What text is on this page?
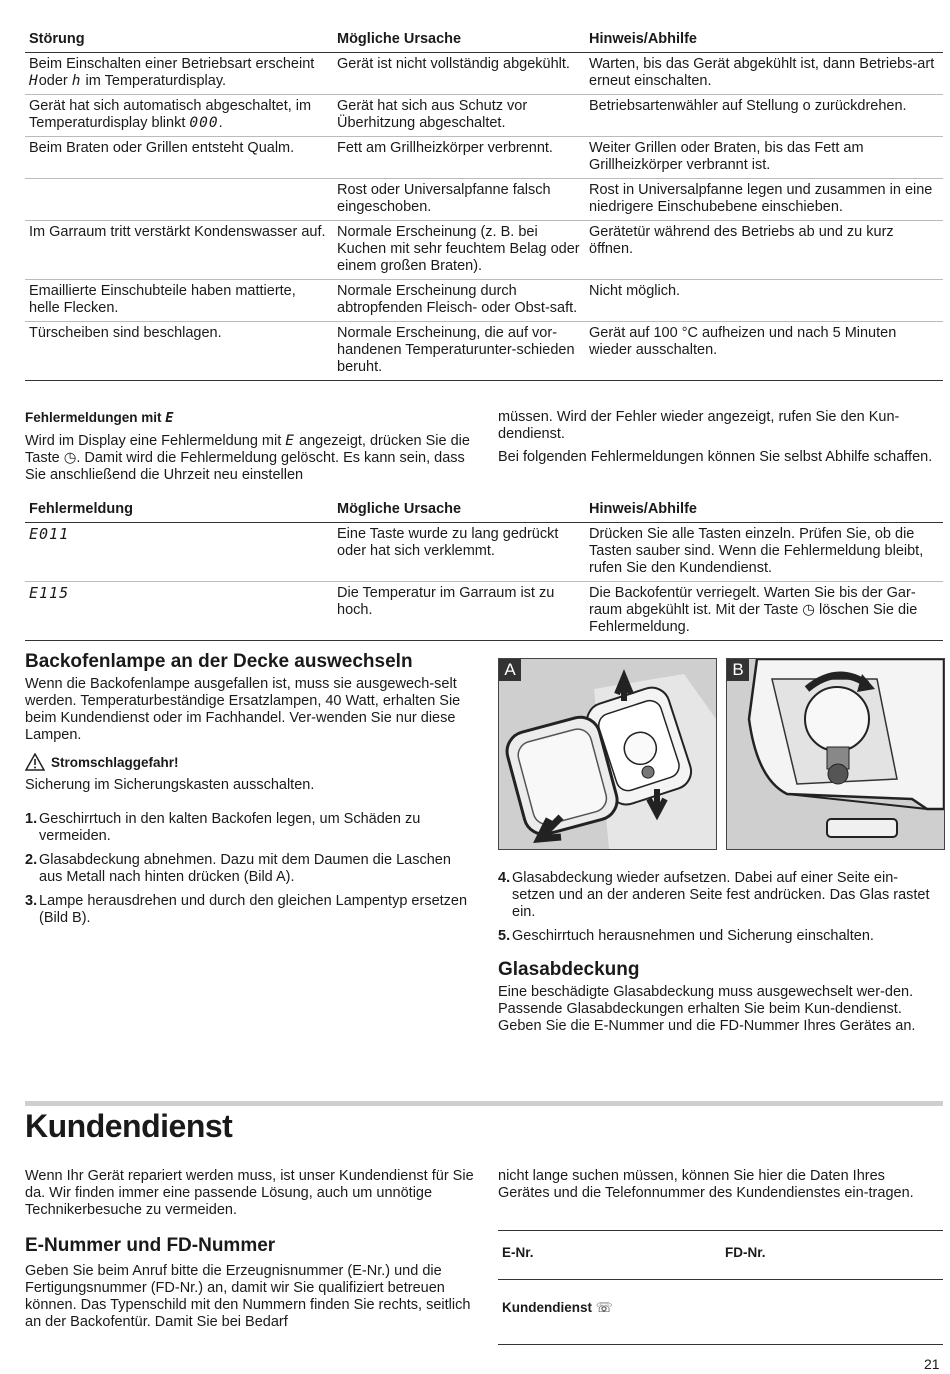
Störung	Mögliche Ursache	Hinweis/Abhilfe
Beim Einschalten einer Betriebsart erscheint Hoder h im Temperaturdisplay.	Gerät ist nicht vollständig abgekühlt.	Warten, bis das Gerät abgekühlt ist, dann Betriebs-art erneut einschalten.
Gerät hat sich automatisch abgeschaltet, im Temperaturdisplay blinkt 000.	Gerät hat sich aus Schutz vor Überhitzung abgeschaltet.	Betriebsartenwähler auf Stellung o zurückdrehen.
Beim Braten oder Grillen entsteht Qualm.	Fett am Grillheizkörper verbrennt.	Weiter Grillen oder Braten, bis das Fett am Grillheizkörper verbrannt ist.
	Rost oder Universalpfanne falsch eingeschoben.	Rost in Universalpfanne legen und zusammen in eine niedrigere Einschubebene einschieben.
Im Garraum tritt verstärkt Kondenswasser auf.	Normale Erscheinung (z. B. bei Kuchen mit sehr feuchtem Belag oder einem großen Braten).	Gerätetür während des Betriebs ab und zu kurz öffnen.
Emaillierte Einschubteile haben mattierte, helle Flecken.	Normale Erscheinung durch abtropfenden Fleisch- oder Obst-saft.	Nicht möglich.
Türscheiben sind beschlagen.	Normale Erscheinung, die auf vor-handenen Temperaturunter-schieden beruht.	Gerät auf 100 °C aufheizen und nach 5 Minuten wieder ausschalten.

Fehlermeldungen mit E

Wird im Display eine Fehlermeldung mit E angezeigt, drücken Sie die Taste ◷. Damit wird die Fehlermeldung gelöscht. Es kann sein, dass Sie anschließend die Uhrzeit neu einstellen

müssen. Wird der Fehler wieder angezeigt, rufen Sie den Kun-dendienst.

Bei folgenden Fehlermeldungen können Sie selbst Abhilfe schaffen.

Fehlermeldung	Mögliche Ursache	Hinweis/Abhilfe
E011	Eine Taste wurde zu lang gedrückt oder hat sich verklemmt.	Drücken Sie alle Tasten einzeln. Prüfen Sie, ob die Tasten sauber sind. Wenn die Fehlermeldung bleibt, rufen Sie den Kundendienst.
E115	Die Temperatur im Garraum ist zu hoch.	Die Backofentür verriegelt. Warten Sie bis der Gar-raum abgekühlt ist. Mit der Taste ◷ löschen Sie die Fehlermeldung.

Backofenlampe an der Decke auswechseln

Wenn die Backofenlampe ausgefallen ist, muss sie ausgewech-selt werden. Temperaturbeständige Ersatzlampen, 40 Watt, erhalten Sie beim Kundendienst oder im Fachhandel. Ver-wenden Sie nur diese Lampen.

Stromschlaggefahr!

Sicherung im Sicherungskasten ausschalten.

1. Geschirrtuch in den kalten Backofen legen, um Schäden zu vermeiden.
2. Glasabdeckung abnehmen. Dazu mit dem Daumen die Laschen aus Metall nach hinten drücken (Bild A).
3. Lampe herausdrehen und durch den gleichen Lampentyp ersetzen (Bild B).
A	B
4. Glasabdeckung wieder aufsetzen. Dabei auf einer Seite ein-setzen und an der anderen Seite fest andrücken. Das Glas rastet ein.
5. Geschirrtuch herausnehmen und Sicherung einschalten.

Glasabdeckung

Eine beschädigte Glasabdeckung muss ausgewechselt wer-den. Passende Glasabdeckungen erhalten Sie beim Kun-dendienst. Geben Sie die E-Nummer und die FD-Nummer Ihres Gerätes an.

Kundendienst

Wenn Ihr Gerät repariert werden muss, ist unser Kundendienst für Sie da. Wir finden immer eine passende Lösung, auch um unnötige Technikerbesuche zu vermeiden.

E-Nummer und FD-Nummer

Geben Sie beim Anruf bitte die Erzeugnisnummer (E-Nr.) und die Fertigungsnummer (FD-Nr.) an, damit wir Sie qualifiziert betreuen können. Das Typenschild mit den Nummern finden Sie rechts, seitlich an der Backofentür. Damit Sie bei Bedarf

nicht lange suchen müssen, können Sie hier die Daten Ihres Gerätes und die Telefonnummer des Kundendienstes ein-tragen.

E-Nr.	FD-Nr.
Kundendienst ☏
21
